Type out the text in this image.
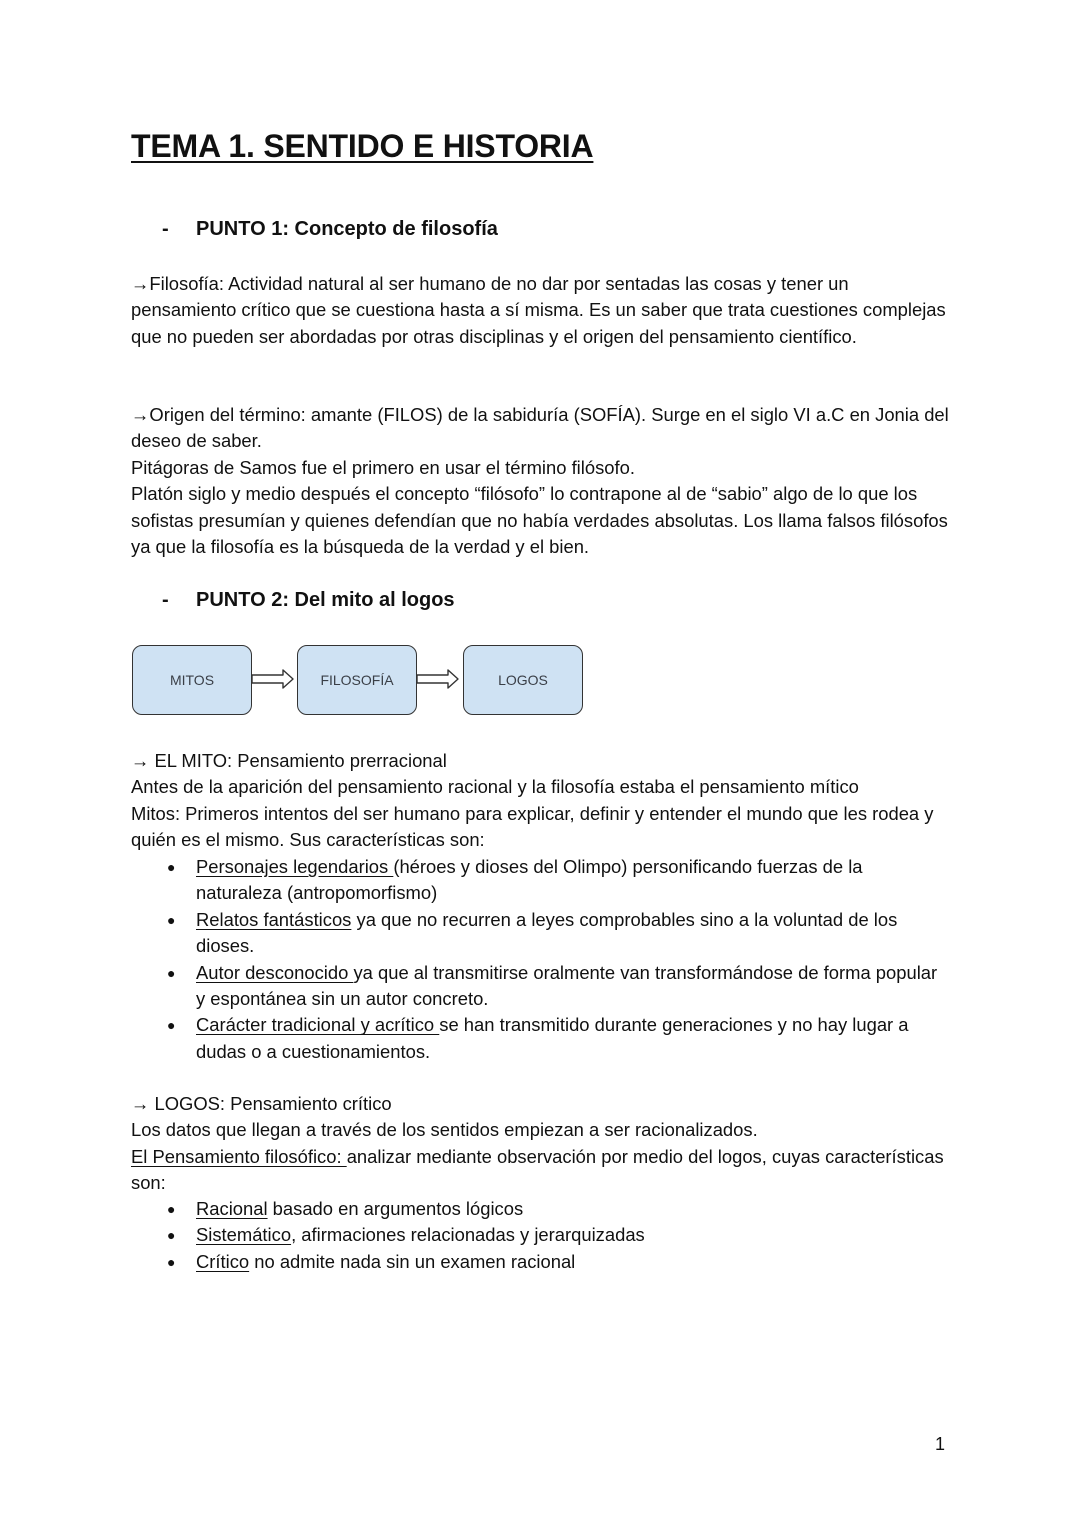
TEMA 1. SENTIDO E HISTORIA
- PUNTO 1: Concepto de filosofía

→Filosofía: Actividad natural al ser humano de no dar por sentadas las cosas y tener un pensamiento crítico que se cuestiona hasta a sí misma. Es un saber que trata cuestiones complejas que no pueden ser abordadas por otras disciplinas y el origen del pensamiento científico.

→Origen del término: amante (FILOS) de la sabiduría (SOFÍA). Surge en el siglo VI a.C en Jonia del deseo de saber.

Pitágoras de Samos fue el primero en usar el término filósofo.

Platón siglo y medio después el concepto “filósofo” lo contrapone al de “sabio” algo de lo que los sofistas presumían y quienes defendían que no había verdades absolutas. Los llama falsos filósofos ya que la filosofía es la búsqueda de la verdad y el bien.

- PUNTO 2: Del mito al logos
MITOS	FILOSOFÍA	LOGOS

→ EL MITO: Pensamiento prerracional

Antes de la aparición del pensamiento racional y la filosofía estaba el pensamiento mítico

Mitos: Primeros intentos del ser humano para explicar, definir y entender el mundo que les rodea y quién es el mismo. Sus características son:

● Personajes legendarios (héroes y dioses del Olimpo) personificando fuerzas de la naturaleza (antropomorfismo)
● Relatos fantásticos ya que no recurren a leyes comprobables sino a la voluntad de los dioses.
● Autor desconocido ya que al transmitirse oralmente van transformándose de forma popular y espontánea sin un autor concreto.
● Carácter tradicional y acrítico se han transmitido durante generaciones y no hay lugar a dudas o a cuestionamientos.

→ LOGOS: Pensamiento crítico

Los datos que llegan a través de los sentidos empiezan a ser racionalizados.

El Pensamiento filosófico: analizar mediante observación por medio del logos, cuyas características son:

● Racional basado en argumentos lógicos
● Sistemático, afirmaciones relacionadas y jerarquizadas
● Crítico no admite nada sin un examen racional
1
